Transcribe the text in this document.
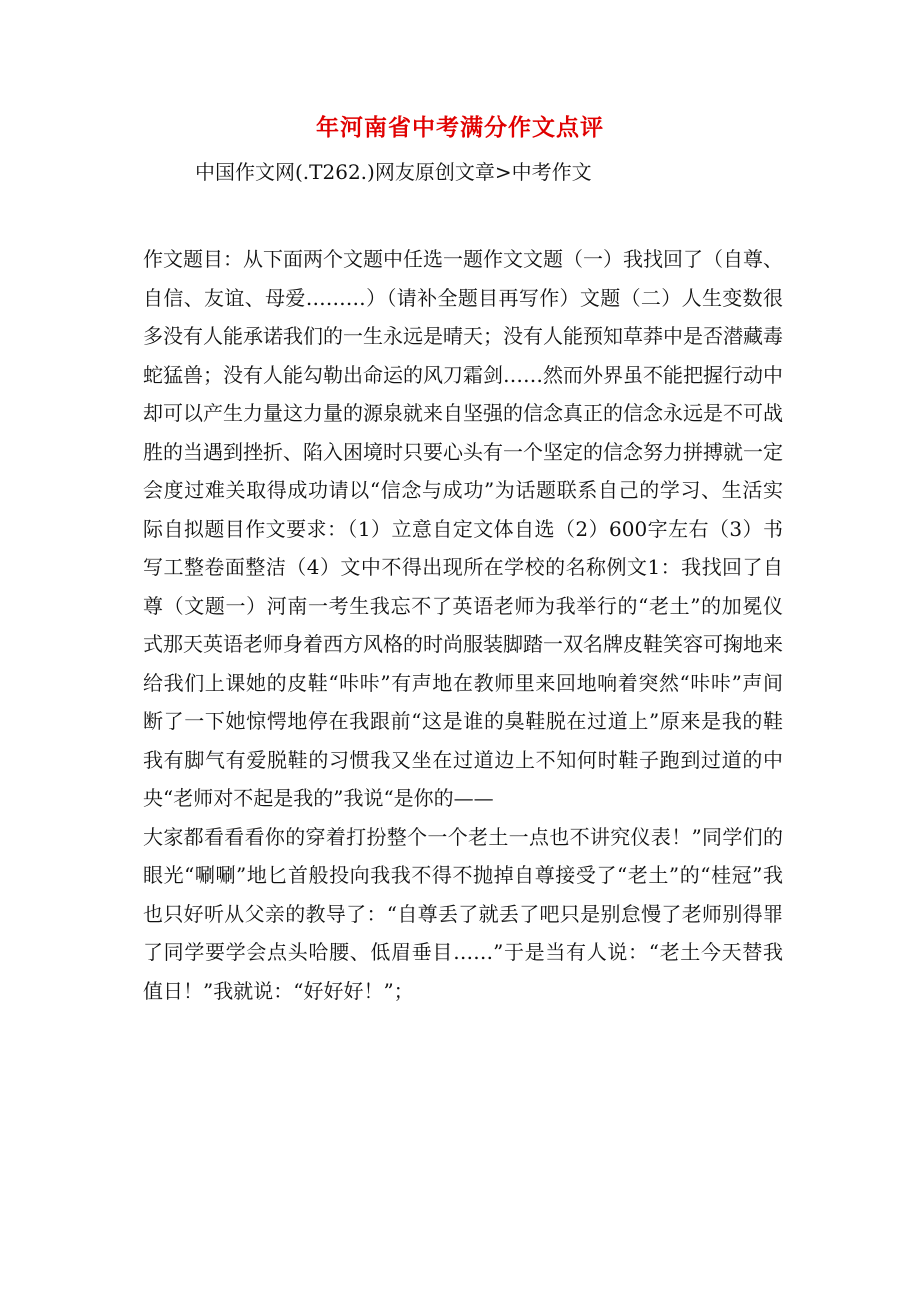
年河南省中考满分作文点评
中国作文网(.T262.)网友原创文章>中考作文

作文题目：从下面两个文题中任选一题作文文题（一）我找回了（自尊、自信、友谊、母爱………）（请补全题目再写作）文题（二）人生变数很多没有人能承诺我们的一生永远是晴天；没有人能预知草莽中是否潜藏毒蛇猛兽；没有人能勾勒出命运的风刀霜剑……然而外界虽不能把握行动中却可以产生力量这力量的源泉就来自坚强的信念真正的信念永远是不可战胜的当遇到挫折、陷入困境时只要心头有一个坚定的信念努力拼搏就一定会度过难关取得成功请以“信念与成功”为话题联系自己的学习、生活实际自拟题目作文要求：（1）立意自定文体自选（2）600字左右（3）书写工整卷面整洁（4）文中不得出现所在学校的名称例文1：我找回了自尊（文题一）河南一考生我忘不了英语老师为我举行的“老土”的加冕仪式那天英语老师身着西方风格的时尚服装脚踏一双名牌皮鞋笑容可掬地来给我们上课她的皮鞋“咔咔”有声地在教师里来回地响着突然“咔咔”声间断了一下她惊愕地停在我跟前“这是谁的臭鞋脱在过道上”原来是我的鞋我有脚气有爱脱鞋的习惯我又坐在过道边上不知何时鞋子跑到过道的中央“老师对不起是我的”我说“是你的——

大家都看看看你的穿着打扮整个一个老土一点也不讲究仪表！”同学们的眼光“唰唰”地匕首般投向我我不得不抛掉自尊接受了“老土”的“桂冠”我也只好听从父亲的教导了：“自尊丢了就丢了吧只是别怠慢了老师别得罪了同学要学会点头哈腰、低眉垂目……”于是当有人说：“老土今天替我值日！”我就说：“好好好！”；
